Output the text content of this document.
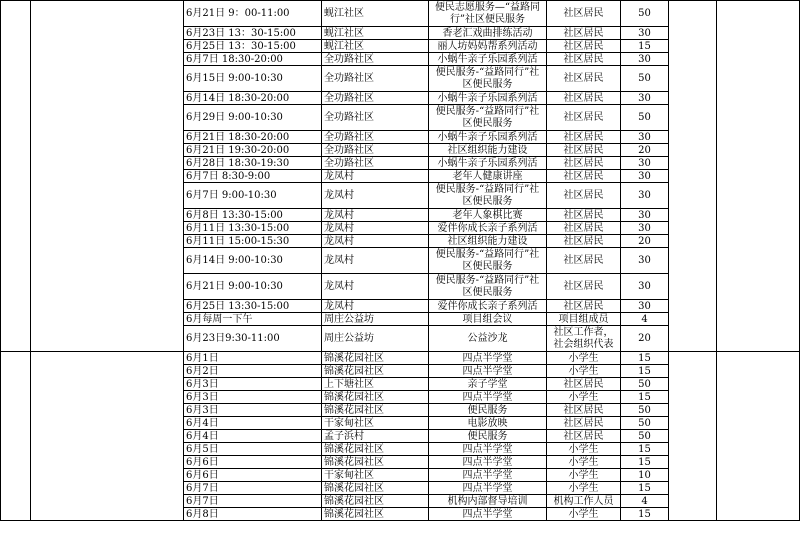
		6月21日 9：00-11:00	蚬江社区	便民志愿服务—“益路同行”社区便民服务	社区居民	50		
		6月23日 13：30-15:00	蚬江社区	香老汇戏曲排练活动	社区居民	30		
		6月25日 13：30-15:00	蚬江社区	丽人坊妈妈帮系列活动	社区居民	15		
		6月7日 18:30-20:00	全功路社区	小蜗牛亲子乐园系列活	社区居民	30		
		6月15日 9:00-10:30	全功路社区	便民服务-“益路同行”社区便民服务	社区居民	50		
		6月14日 18:30-20:00	全功路社区	小蜗牛亲子乐园系列活	社区居民	30		
		6月29日 9:00-10:30	全功路社区	便民服务-“益路同行”社区便民服务	社区居民	50		
		6月21日 18:30-20:00	全功路社区	小蜗牛亲子乐园系列活	社区居民	30		
		6月21日 19:30-20:00	全功路社区	社区组织能力建设	社区居民	20		
		6月28日 18:30-19:30	全功路社区	小蜗牛亲子乐园系列活	社区居民	30		
		6月7日 8:30-9:00	龙凤村	老年人健康讲座	社区居民	30		
		6月7日 9:00-10:30	龙凤村	便民服务-“益路同行”社区便民服务	社区居民	30		
		6月8日 13:30-15:00	龙凤村	老年人象棋比赛	社区居民	30		
		6月11日 13:30-15:00	龙凤村	爱伴你成长亲子系列活	社区居民	30		
		6月11日 15:00-15:30	龙凤村	社区组织能力建设	社区居民	20		
		6月14日 9:00-10:30	龙凤村	便民服务-“益路同行”社区便民服务	社区居民	30		
		6月21日 9:00-10:30	龙凤村	便民服务-“益路同行”社区便民服务	社区居民	30		
		6月25日 13:30-15:00	龙凤村	爱伴你成长亲子系列活	社区居民	30		
		6月每周一下午	周庄公益坊	项目组会议	项目组成员	4		
		6月23日9:30-11:00	周庄公益坊	公益沙龙	社区工作者，社会组织代表	20		
		6月1日	锦溪花园社区	四点半学堂	小学生	15		
		6月2日	锦溪花园社区	四点半学堂	小学生	15		
		6月3日	上下塘社区	亲子学堂	社区居民	50		
		6月3日	锦溪花园社区	四点半学堂	小学生	15		
		6月3日	锦溪花园社区	便民服务	社区居民	50		
		6月4日	干家甸社区	电影放映	社区居民	50		
		6月4日	孟子浜村	便民服务	社区居民	50		
		6月5日	锦溪花园社区	四点半学堂	小学生	15		
		6月6日	锦溪花园社区	四点半学堂	小学生	15		
		6月6日	干家甸社区	四点半学堂	小学生	10		
		6月7日	锦溪花园社区	四点半学堂	小学生	15		
		6月7日	锦溪花园社区	机构内部督导培训	机构工作人员	4		
		6月8日	锦溪花园社区	四点半学堂	小学生	15		
